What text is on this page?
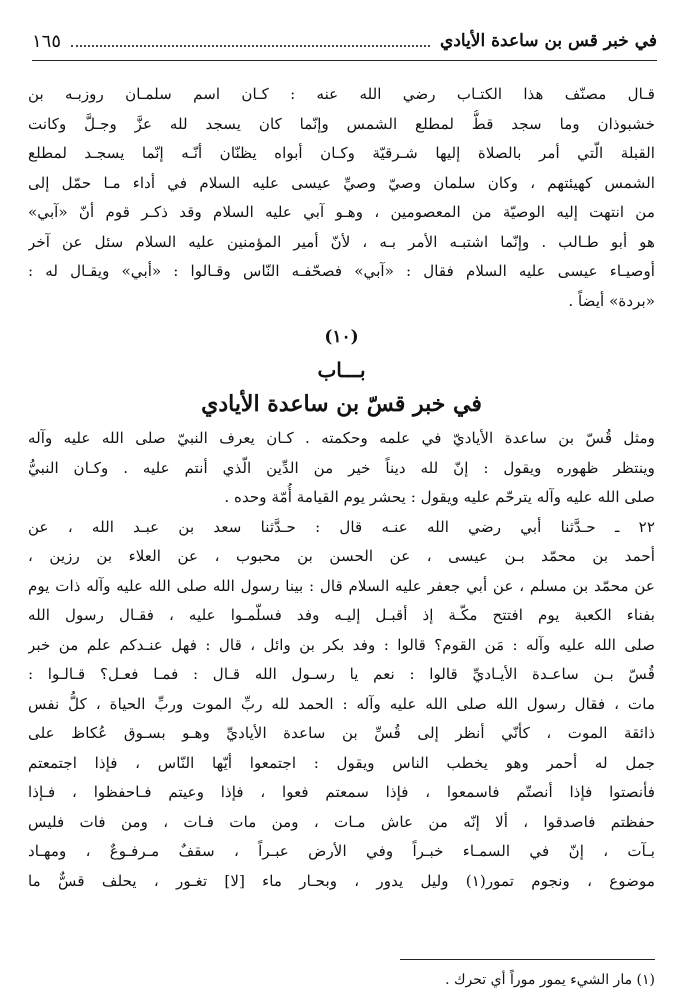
في خبر قس بن ساعدة الأيادي
١٦٥
قـال مصنّف هذا الكتـاب رضي الله عنه : كـان اسم سلمـان روزبـه بن
خشبوذان وما سجد قطُّ لمطلع الشمس وإنّما كان يسجد لله عزَّ وجـلَّ وكانت
القبلة الّتي أمر بالصلاة إليها شـرقيّة وكـان أبواه يظنّان أنّـه إنّما يسجـد لمطلع
الشمس كهيئتهم ، وكان سلمان وصيّ وصيِّ عيسى عليه السلام في أداء مـا حمّل إلى
من انتهت إليه الوصيّة من المعصومين ، وهـو آبي عليه السلام وقد ذكـر قوم أنّ «آبي»
هو أبو طـالب . وإنّما اشتبـه الأمر بـه ، لأنّ أمير المؤمنين عليه السلام سئل عن آخر
أوصيـاء عيسى عليه السلام فقال : «آبي» فصحّفـه النّاس وقـالوا : «أبي» ويقـال له :
«بردة» أيضاً .
(١٠)
بـــاب
في خبر قسّ بن ساعدة الأيادي
ومثل قُسّ بن ساعدة الأياديّ في علمه وحكمته . كـان يعرف النبيّ صلى الله عليه وآله
وينتظر ظهوره ويقول : إنّ لله ديناً خير من الدِّين الّذي أنتم عليه . وكـان النبيُّ
صلى الله عليه وآله يترحّم عليه ويقول : يحشر يوم القيامة أُمّة وحده .
٢٢ ـ حـدَّثنا أبي رضي الله عنـه قال : حـدَّثنا سعد بن عبـد الله ، عن
أحمد بن محمّد بـن عيسى ، عن الحسن بن محبوب ، عن العلاء بن رزين ،
عن محمّد بن مسلم ، عن أبي جعفر عليه السلام قال : بينا رسول الله صلى الله عليه وآله ذات يوم
بفناء الكعبة يوم افتتح مكّـة إذ أقبـل إليـه وفد فسلّمـوا عليه ، فقـال رسول الله
صلى الله عليه وآله : مَن القوم؟ قالوا : وفد بكر بن وائل ، قال : فهل عنـدكم علم من خبر
قُسّ بـن ساعـدة الأيـاديِّ قالوا : نعم يا رسـول الله قـال : فمـا فعـل؟ قـالـوا :
مات ، فقال رسول الله صلى الله عليه وآله : الحمد لله ربِّ الموت وربِّ الحياة ، كلُّ نفس
ذائقة الموت ، كأنّي أنظر إلى قُسِّ بن ساعدة الأياديِّ وهـو بسـوق عُكاظ على
جمل له أحمر وهو يخطب الناس ويقول : اجتمعوا أيّها النّاس ، فإذا اجتمعتم
فأنصتوا فإذا أنصتّم فاسمعوا ، فإذا سمعتم فعوا ، فإذا وعيتم فـاحفظوا ، فـإذا
حفظتم فاصدقوا ، ألا إنّه من عاش مـات ، ومن مات فـات ، ومن فات فليس
بـآت ، إنّ في السمـاء خبـراً وفي الأرض عبـراً ، سقفٌ مـرفـوعٌ ، ومهـاد
موضوع ، ونجوم تمور(١) وليل يدور ، وبحـار ماء [لا] تغـور ، يحلف قسٌّ ما
(١) مار الشيء يمور موراً أي تحرك .
